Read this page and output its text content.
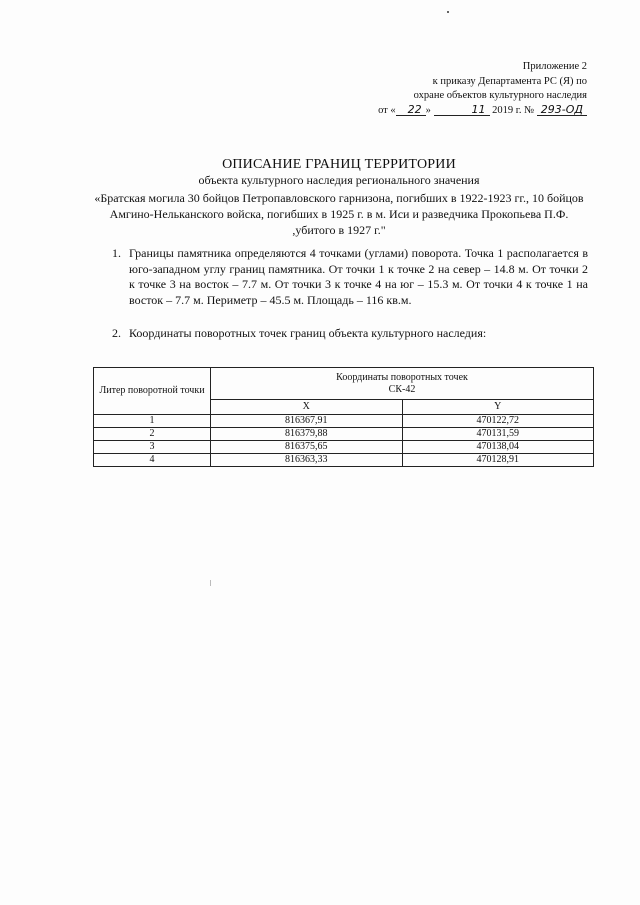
Приложение 2
к приказу Департамента РС (Я) по
охране объектов культурного наследия
от « 22 »	11 2019 г. № 293-ОД
ОПИСАНИЕ ГРАНИЦ ТЕРРИТОРИИ
объекта культурного наследия регионального значения
«Братская могила 30 бойцов Петропавловского гарнизона, погибших в 1922-1923 гг., 10 бойцов Амгино-Нельканского войска, погибших в 1925 г. в м. Иси и разведчика Прокопьева П.Ф. ,убитого в 1927 г."
1. Границы памятника определяются 4 точками (углами) поворота. Точка 1 располагается в юго-западном углу границ памятника. От точки 1 к точке 2 на север – 14.8 м. От точки 2 к точке 3 на восток – 7.7 м. От точки 3 к точке 4 на юг – 15.3 м. От точки 4 к точке 1 на восток – 7.7 м. Периметр – 45.5 м. Площадь – 116 кв.м.
2. Координаты поворотных точек границ объекта культурного наследия:
Литер поворотной точки	Координаты поворотных точек
СК-42	

	X	Y
1	816367,91	470122,72
2	816379,88	470131,59
3	816375,65	470138,04
4	816363,33	470128,91
